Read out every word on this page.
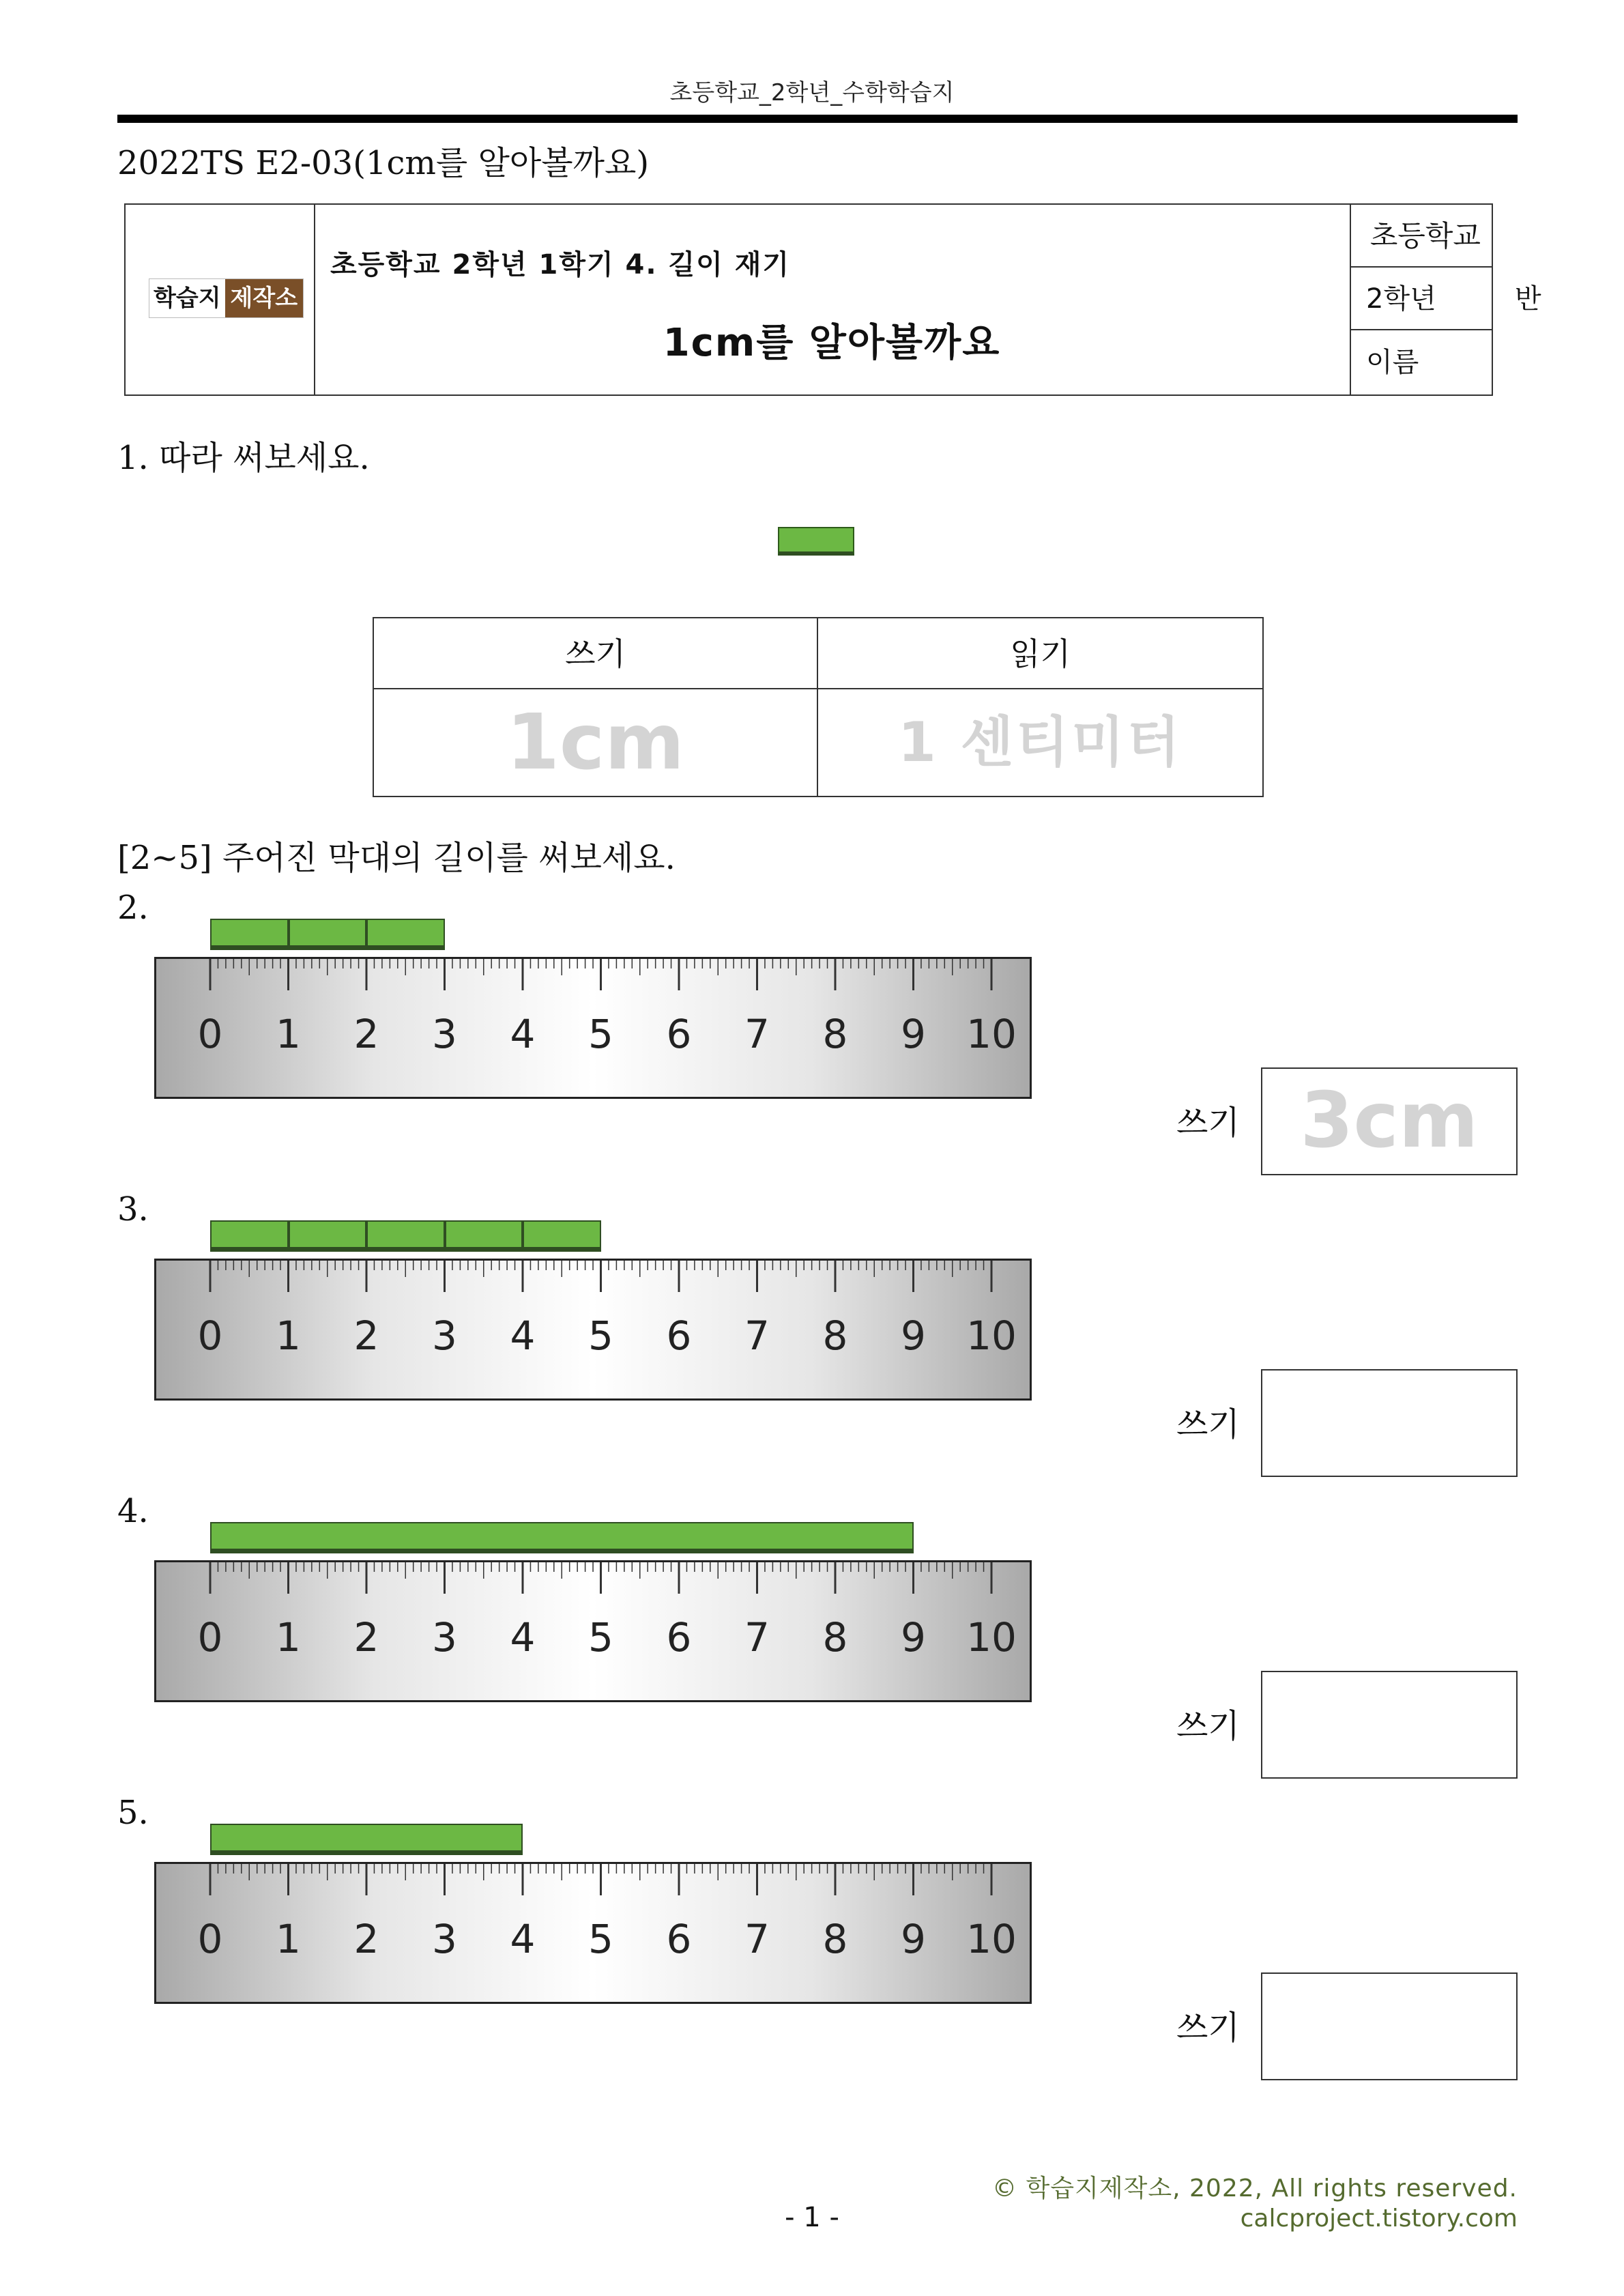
초등학교_2학년_수학학습지
2022TS E2-03(1cm를 알아볼까요)
학습지 제작소
초등학교 2학년 1학기 4. 길이 재기
1cm를 알아볼까요
초등학교
2학년	반
이름
1. 따라 써보세요.
쓰기	읽기
1cm	1 센티미터
[2~5] 주어진 막대의 길이를 써보세요.
2.
0	1	2	3	4	5	6	7	8	9	10
쓰기 3cm
3.
0	1	2	3	4	5	6	7	8	9	10
쓰기
4.
0	1	2	3	4	5	6	7	8	9	10
쓰기
5.
0	1	2	3	4	5	6	7	8	9	10
쓰기
© 학습지제작소, 2022, All rights reserved.
calcproject.tistory.com
- 1 -
